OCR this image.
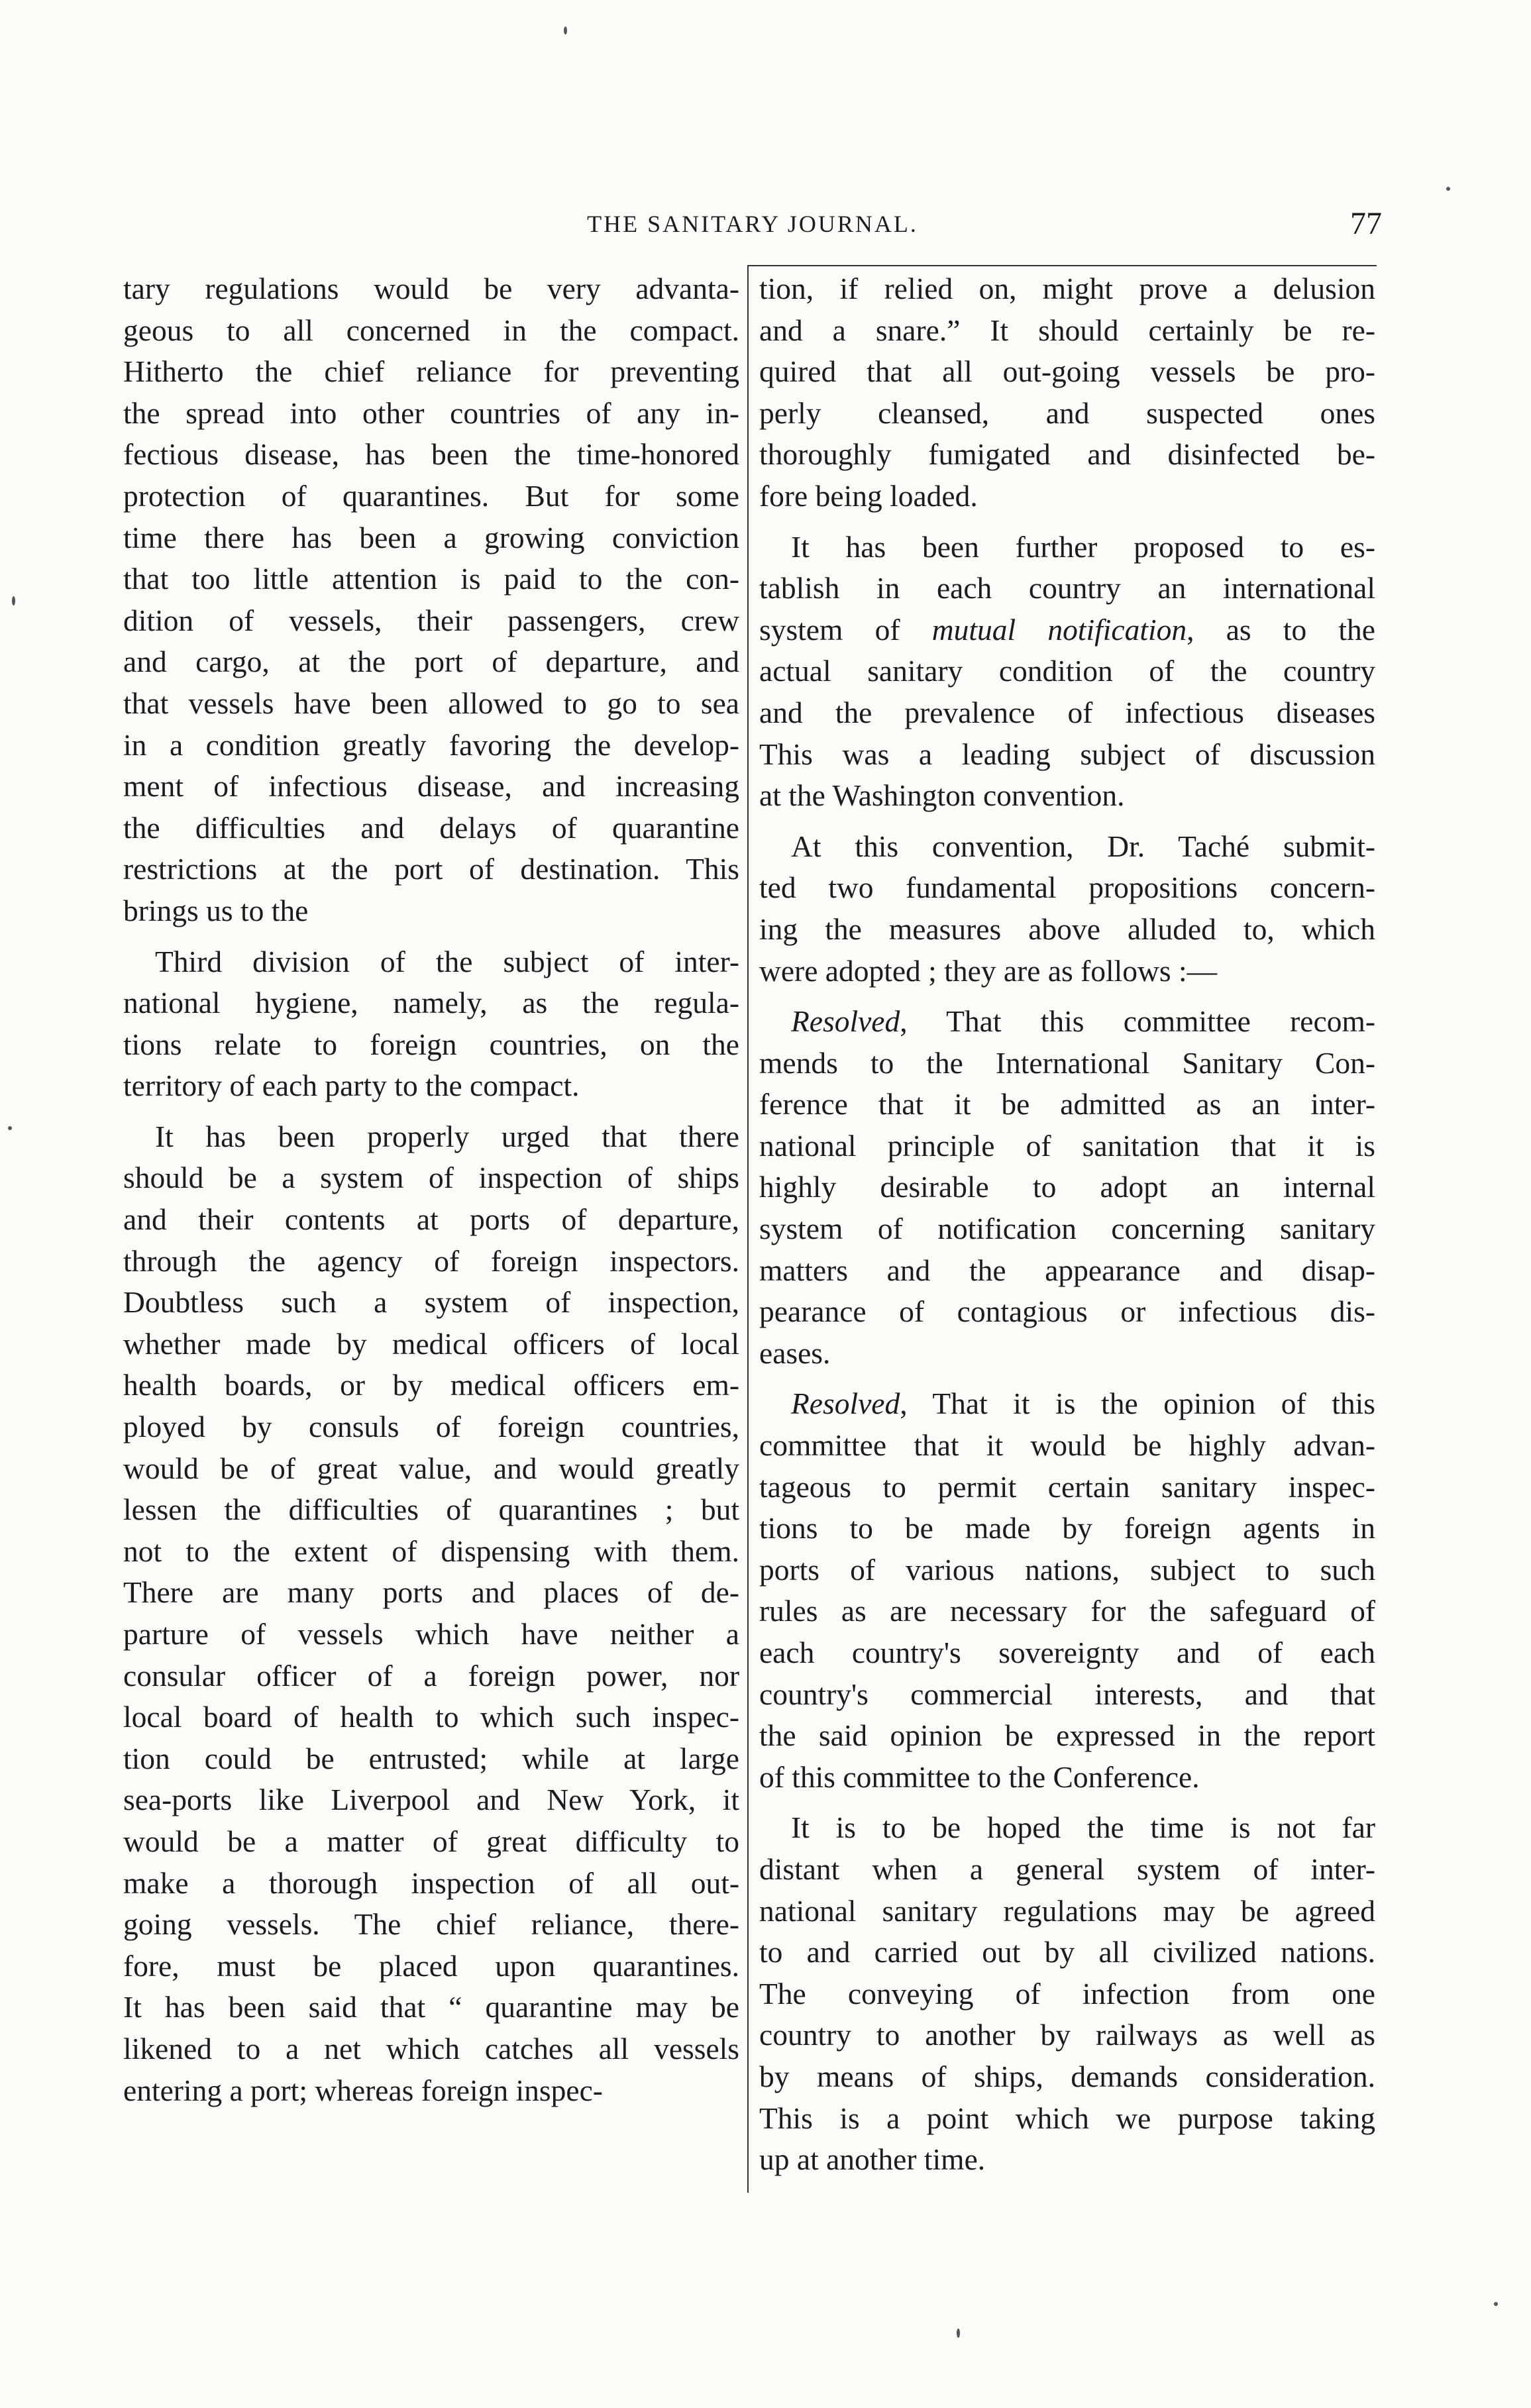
THE SANITARY JOURNAL.	77
tary regulations would be very advanta-
geous to all concerned in the compact.
Hitherto the chief reliance for preventing
the spread into other countries of any in-
fectious disease, has been the time-honored
protection of quarantines. But for some
time there has been a growing conviction
that too little attention is paid to the con-
dition of vessels, their passengers, crew
and cargo, at the port of departure, and
that vessels have been allowed to go to sea
in a condition greatly favoring the develop-
ment of infectious disease, and increasing
the difficulties and delays of quarantine
restrictions at the port of destination. This
brings us to the
Third division of the subject of inter-
national hygiene, namely, as the regula-
tions relate to foreign countries, on the
territory of each party to the compact.
It has been properly urged that there
should be a system of inspection of ships
and their contents at ports of departure,
through the agency of foreign inspectors.
Doubtless such a system of inspection,
whether made by medical officers of local
health boards, or by medical officers em-
ployed by consuls of foreign countries,
would be of great value, and would greatly
lessen the difficulties of quarantines ; but
not to the extent of dispensing with them.
There are many ports and places of de-
parture of vessels which have neither a
consular officer of a foreign power, nor
local board of health to which such inspec-
tion could be entrusted; while at large
sea-ports like Liverpool and New York, it
would be a matter of great difficulty to
make a thorough inspection of all out-
going vessels. The chief reliance, there-
fore, must be placed upon quarantines.
It has been said that “ quarantine may be
likened to a net which catches all vessels
entering a port; whereas foreign inspec-
tion, if relied on, might prove a delusion
and a snare.” It should certainly be re-
quired that all out-going vessels be pro-
perly cleansed, and suspected ones
thoroughly fumigated and disinfected be-
fore being loaded.
It has been further proposed to es-
tablish in each country an international
system of mutual notification, as to the
actual sanitary condition of the country
and the prevalence of infectious diseases
This was a leading subject of discussion
at the Washington convention.
At this convention, Dr. Taché submit-
ted two fundamental propositions concern-
ing the measures above alluded to, which
were adopted ; they are as follows :—
Resolved, That this committee recom-
mends to the International Sanitary Con-
ference that it be admitted as an inter-
national principle of sanitation that it is
highly desirable to adopt an internal
system of notification concerning sanitary
matters and the appearance and disap-
pearance of contagious or infectious dis-
eases.
Resolved, That it is the opinion of this
committee that it would be highly advan-
tageous to permit certain sanitary inspec-
tions to be made by foreign agents in
ports of various nations, subject to such
rules as are necessary for the safeguard of
each country's sovereignty and of each
country's commercial interests, and that
the said opinion be expressed in the report
of this committee to the Conference.
It is to be hoped the time is not far
distant when a general system of inter-
national sanitary regulations may be agreed
to and carried out by all civilized nations.
The conveying of infection from one
country to another by railways as well as
by means of ships, demands consideration.
This is a point which we purpose taking
up at another time.
